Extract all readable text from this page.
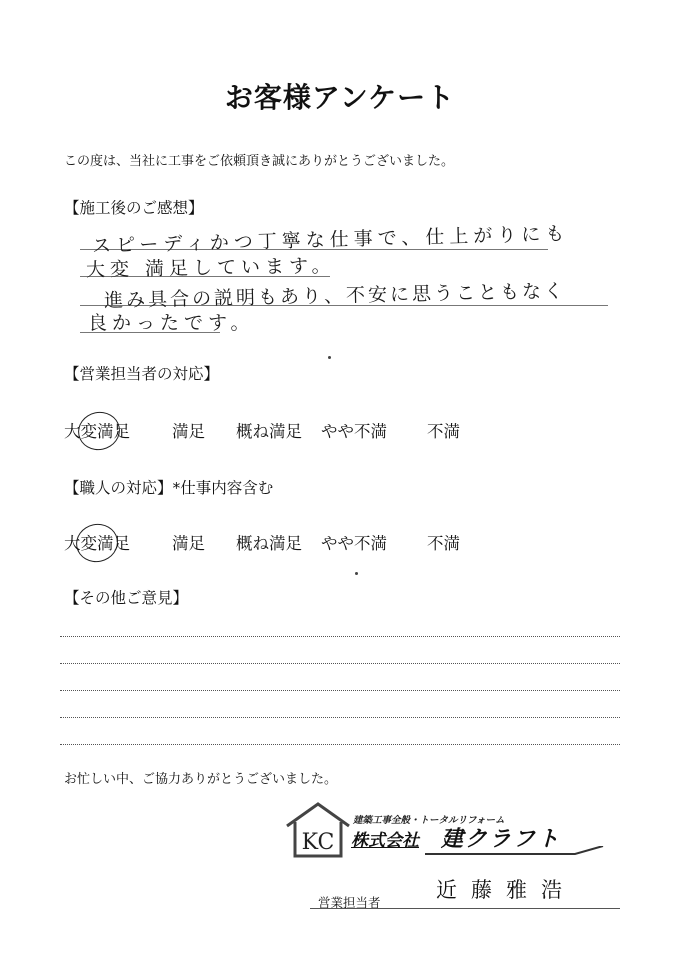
お客様アンケート
この度は、当社に工事をご依頼頂き誠にありがとうございました。
【施工後のご感想】
スピーディかつ丁寧な仕事で、仕上がりにも
大変 満足しています。
進み具合の説明もあり、不安に思うこともなく
良かったです。
【営業担当者の対応】
大変満足	満足 概ね満足 やや不満 不満
【職人の対応】*仕事内容含む
大変満足	満足 概ね満足 やや不満 不満
【その他ご意見】
お忙しい中、ご協力ありがとうございました。
KC
建築工事全般・トータルリフォーム
株式会社 建クラフト
営業担当者
近藤雅浩
